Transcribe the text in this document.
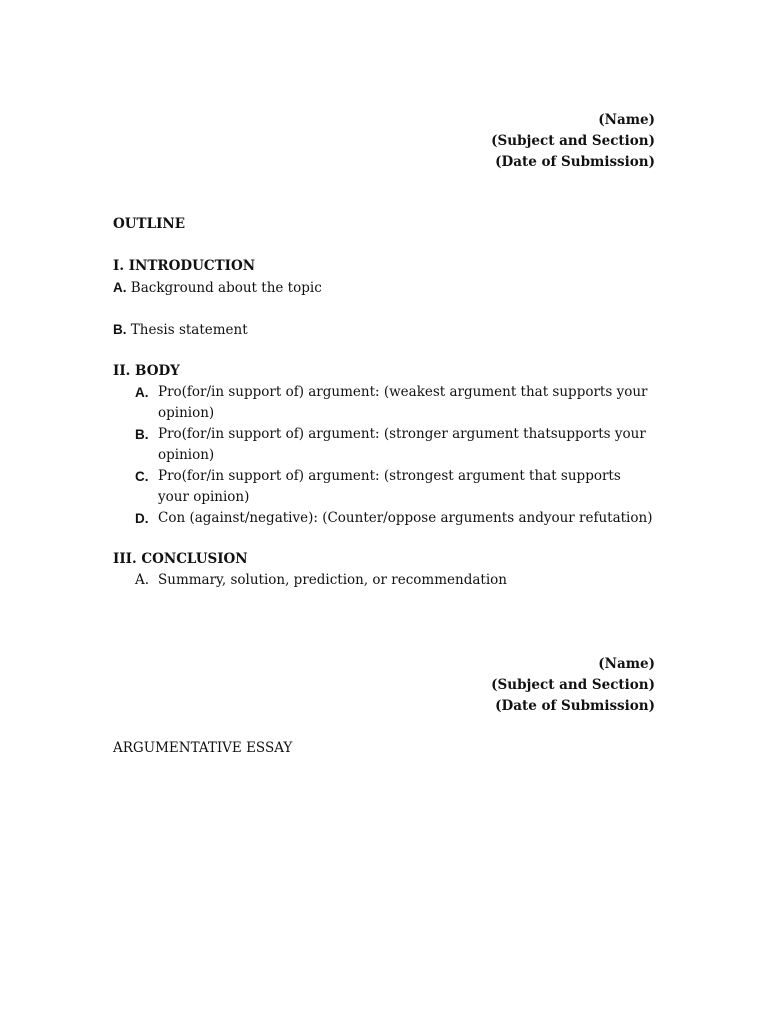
(Name)
(Subject and Section)
(Date of Submission)
OUTLINE
I. INTRODUCTION
A. Background about the topic
B. Thesis statement
II. BODY
A. Pro(for/in support of) argument: (weakest argument that supports your opinion)
B. Pro(for/in support of) argument: (stronger argument thatsupports your opinion)
C. Pro(for/in support of) argument: (strongest argument that supports your opinion)
D. Con (against/negative): (Counter/oppose arguments andyour refutation)
III. CONCLUSION
A. Summary, solution, prediction, or recommendation
(Name)
(Subject and Section)
(Date of Submission)
ARGUMENTATIVE ESSAY
